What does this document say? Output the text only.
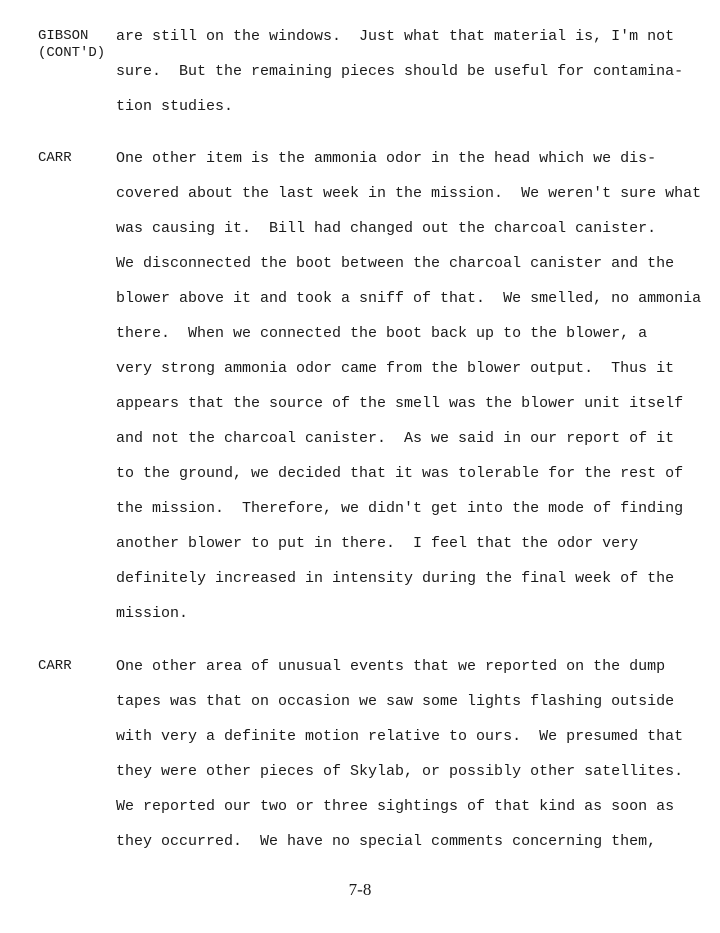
GIBSON
(CONT'D)
are still on the windows.  Just what that material is, I'm not
sure.  But the remaining pieces should be useful for contamina-
tion studies.
CARR	One other item is the ammonia odor in the head which we dis-
covered about the last week in the mission.  We weren't sure what
was causing it.  Bill had changed out the charcoal canister.
We disconnected the boot between the charcoal canister and the
blower above it and took a sniff of that.  We smelled, no ammonia
there.  When we connected the boot back up to the blower, a
very strong ammonia odor came from the blower output.  Thus it
appears that the source of the smell was the blower unit itself
and not the charcoal canister.  As we said in our report of it
to the ground, we decided that it was tolerable for the rest of
the mission.  Therefore, we didn't get into the mode of finding
another blower to put in there.  I feel that the odor very
definitely increased in intensity during the final week of the
mission.
CARR	One other area of unusual events that we reported on the dump
tapes was that on occasion we saw some lights flashing outside
with very a definite motion relative to ours.  We presumed that
they were other pieces of Skylab, or possibly other satellites.
We reported our two or three sightings of that kind as soon as
they occurred.  We have no special comments concerning them,
7-8
